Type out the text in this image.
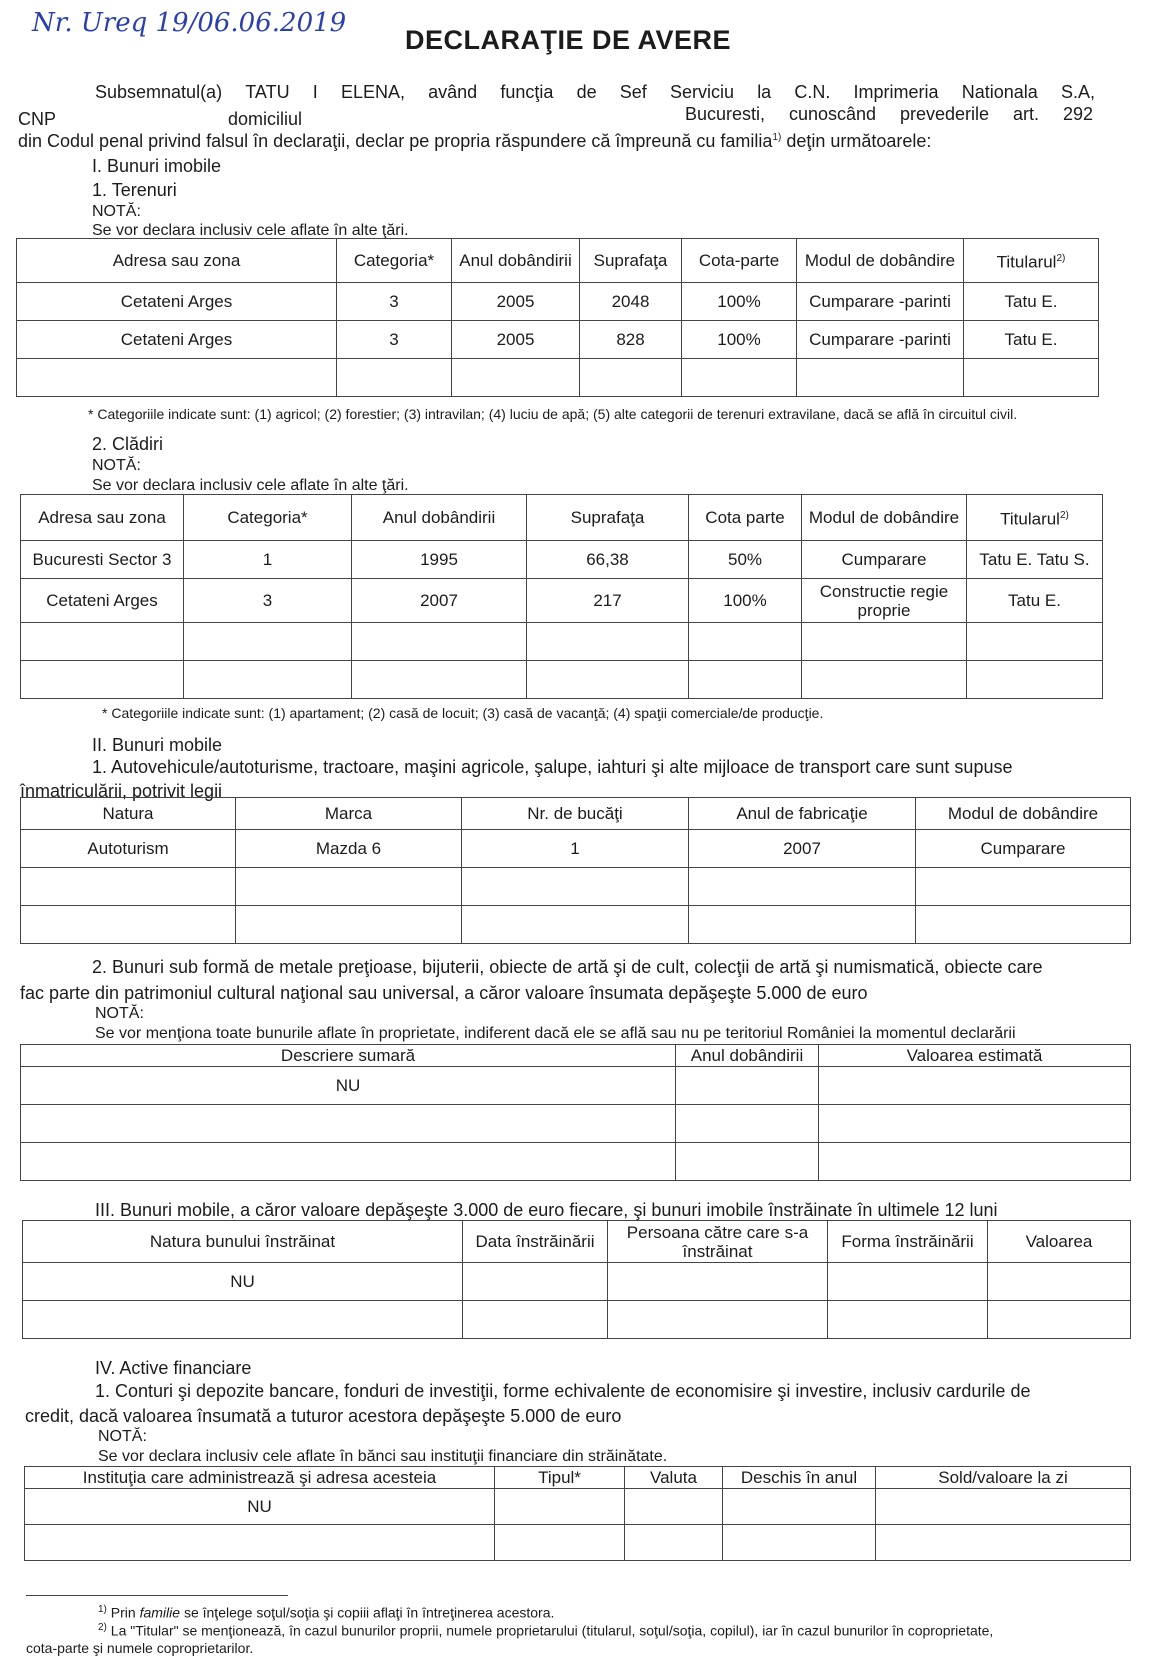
Nr. Ureq 19/06.06.2019
DECLARAŢIE DE AVERE
Subsemnatul(a) TATU I ELENA, având funcţia de Sef Serviciu la C.N. Imprimeria Nationala S.A,
CNP	domiciliul	Bucuresti, cunoscând prevederile art. 292
din Codul penal privind falsul în declaraţii, declar pe propria răspundere că împreună cu familia$^{1)}$ deţin următoarele:
I. Bunuri imobile
1. Terenuri
NOTĂ:
Se vor declara inclusiv cele aflate în alte ţări.
Adresa sau zona	Categoria*	Anul dobândirii	Suprafaţa	Cota-parte	Modul de dobândire	Titularul$^{2)}$
Cetateni Arges	3	2005	2048	100%	Cumparare -parinti	Tatu E.
Cetateni Arges	3	2005	828	100%	Cumparare -parinti	Tatu E.

* Categoriile indicate sunt: (1) agricol; (2) forestier; (3) intravilan; (4) luciu de apă; (5) alte categorii de terenuri extravilane, dacă se află în circuitul civil.
2. Clădiri
NOTĂ:
Se vor declara inclusiv cele aflate în alte ţări.
Adresa sau zona	Categoria*	Anul dobândirii	Suprafaţa	Cota parte	Modul de dobândire	Titularul$^{2)}$
Bucuresti Sector 3	1	1995	66,38	50%	Cumparare	Tatu E. Tatu S.
Cetateni Arges	3	2007	217	100%	Constructie regie proprie	Tatu E.

* Categoriile indicate sunt: (1) apartament; (2) casă de locuit; (3) casă de vacanţă; (4) spaţii comerciale/de producţie.
II. Bunuri mobile
1. Autovehicule/autoturisme, tractoare, maşini agricole, şalupe, iahturi şi alte mijloace de transport care sunt supuse
înmatriculării, potrivit legii
Natura	Marca	Nr. de bucăţi	Anul de fabricaţie	Modul de dobândire
Autoturism	Mazda 6	1	2007	Cumparare

2. Bunuri sub formă de metale preţioase, bijuterii, obiecte de artă şi de cult, colecţii de artă şi numismatică, obiecte care
fac parte din patrimoniul cultural naţional sau universal, a căror valoare însumata depăşeşte 5.000 de euro
NOTĂ:
Se vor menţiona toate bunurile aflate în proprietate, indiferent dacă ele se află sau nu pe teritoriul României la momentul declarării
Descriere sumară	Anul dobândirii	Valoarea estimată
NU		

III. Bunuri mobile, a căror valoare depăşeşte 3.000 de euro fiecare, şi bunuri imobile înstrăinate în ultimele 12 luni
Natura bunului înstrăinat	Data înstrăinării	Persoana către care s-a înstrăinat	Forma înstrăinării	Valoarea
NU				

IV. Active financiare
1. Conturi şi depozite bancare, fonduri de investiţii, forme echivalente de economisire şi investire, inclusiv cardurile de
credit, dacă valoarea însumată a tuturor acestora depăşeşte 5.000 de euro
NOTĂ:
Se vor declara inclusiv cele aflate în bănci sau instituţii financiare din străinătate.
Instituţia care administrează şi adresa acesteia	Tipul*	Valuta	Deschis în anul	Sold/valoare la zi
NU				

$^{1)}$ Prin familie se înţelege soţul/soţia şi copiii aflaţi în întreţinerea acestora.
$^{2)}$ La "Titular" se menţionează, în cazul bunurilor proprii, numele proprietarului (titularul, soţul/soţia, copilul), iar în cazul bunurilor în coproprietate,
cota-parte şi numele coproprietarilor.
